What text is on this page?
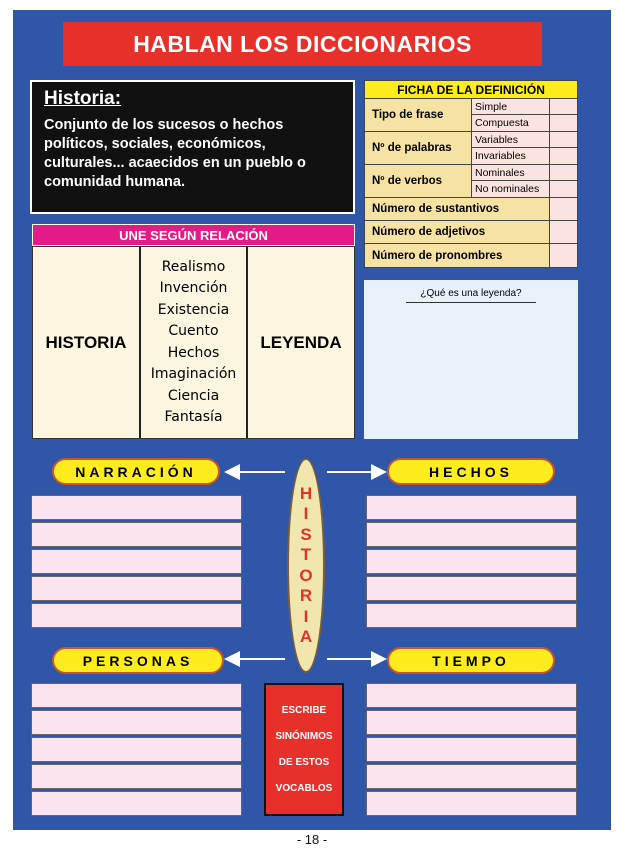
HABLAN LOS DICCIONARIOS
Historia:
Conjunto de los sucesos o hechos políticos, sociales, económicos, culturales... acaecidos en un pueblo o comunidad humana.
FICHA DE LA DEFINICIÓN
Tipo de frase
Simple
Compuesta
Nº de palabras
Variables
Invariables
Nº de verbos
Nominales
No nominales
Número de sustantivos
Número de adjetivos
Número de pronombres
UNE SEGÚN RELACIÓN
HISTORIA
Realismo
Invención
Existencia
Cuento
Hechos
Imaginación
Ciencia
Fantasía
LEYENDA
¿Qué es una leyenda?
NARRACIÓN	HECHOS
PERSONAS	TIEMPO
H
I
S
T
O
R
I
A
ESCRIBE
SINÓNIMOS
DE ESTOS
VOCABLOS
- 18 -
